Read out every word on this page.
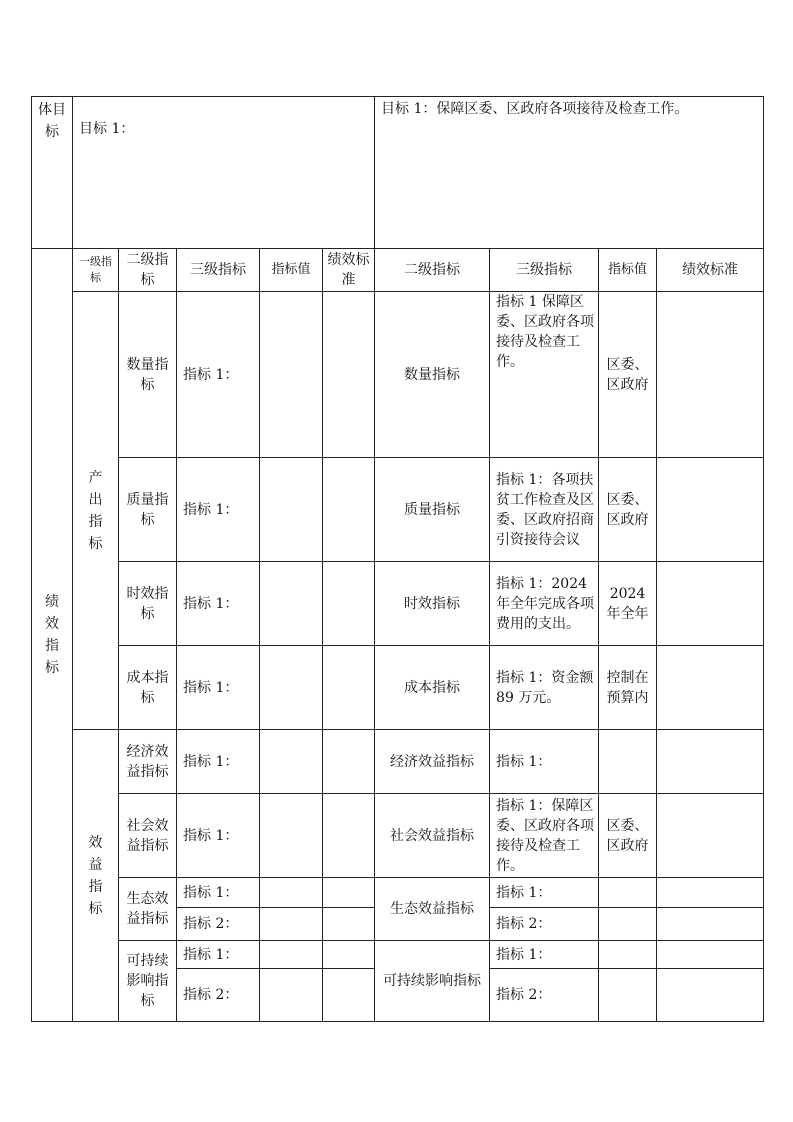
体目标	目标 1：					目标 1：保障区委、区政府各项接待及检查工作。			
绩效指标	一级指标	二级指标	三级指标	指标值	绩效标准	二级指标	三级指标	指标值	绩效标准
	产出指标	数量指标	指标 1：			数量指标	指标 1 保障区委、区政府各项接待及检查工作。	区委、区政府	
		质量指标	指标 1：			质量指标	指标 1：各项扶贫工作检查及区委、区政府招商引资接待会议	区委、区政府	
		时效指标	指标 1：			时效指标	指标 1：2024 年全年完成各项费用的支出。	2024 年全年	
		成本指标	指标 1：			成本指标	指标 1：资金额 89 万元。	控制在预算内	
	效益指标	经济效益指标	指标 1：			经济效益指标	指标 1：		
		社会效益指标	指标 1：			社会效益指标	指标 1：保障区委、区政府各项接待及检查工作。	区委、区政府	
		生态效益指标	指标 1：			生态效益指标	指标 1：		
			指标 2：				指标 2：		
		可持续影响指标	指标 1：			可持续影响指标	指标 1：		
			指标 2：				指标 2：		
